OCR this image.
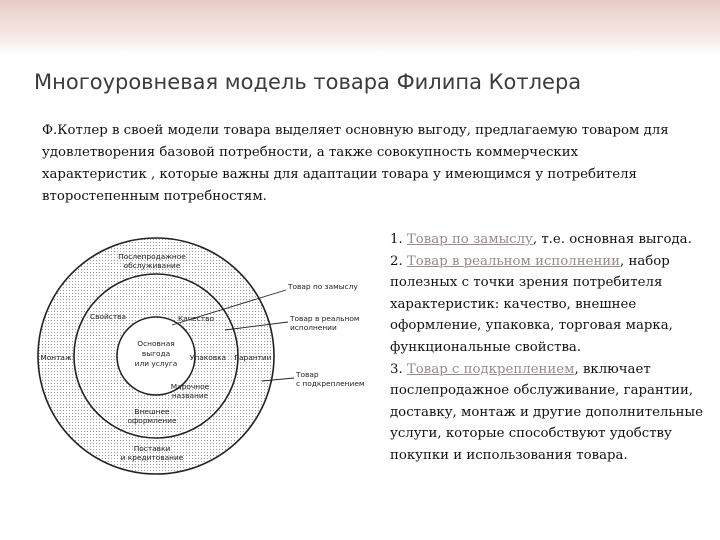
Многоуровневая модель товара Филипа Котлера
Ф.Котлер в своей модели товара выделяет основную выгоду, предлагаемую товаром для удовлетворения базовой потребности, а также совокупность коммерческих характеристик , которые важны для адаптации товара у имеющимся у потребителя второстепенным потребностям.
Основная
выгода
или услуга
Свойства	Качество
Упаковка
Марочное
название
Внешнее
оформление
Послепродажное
обслуживание
Монтаж	Гарантии
Поставки
и кредитование
Товар по замыслу
Товар в реальном
исполнении
Товар
с подкреплением
1. Товар по замыслу, т.е. основная выгода.
2. Товар в реальном исполнении, набор полезных с точки зрения потребителя характеристик: качество, внешнее оформление, упаковка, торговая марка, функциональные свойства.
3. Товар с подкреплением, включает послепродажное обслуживание, гарантии, доставку, монтаж и другие дополнительные услуги, которые способствуют удобству покупки и использования товара.
